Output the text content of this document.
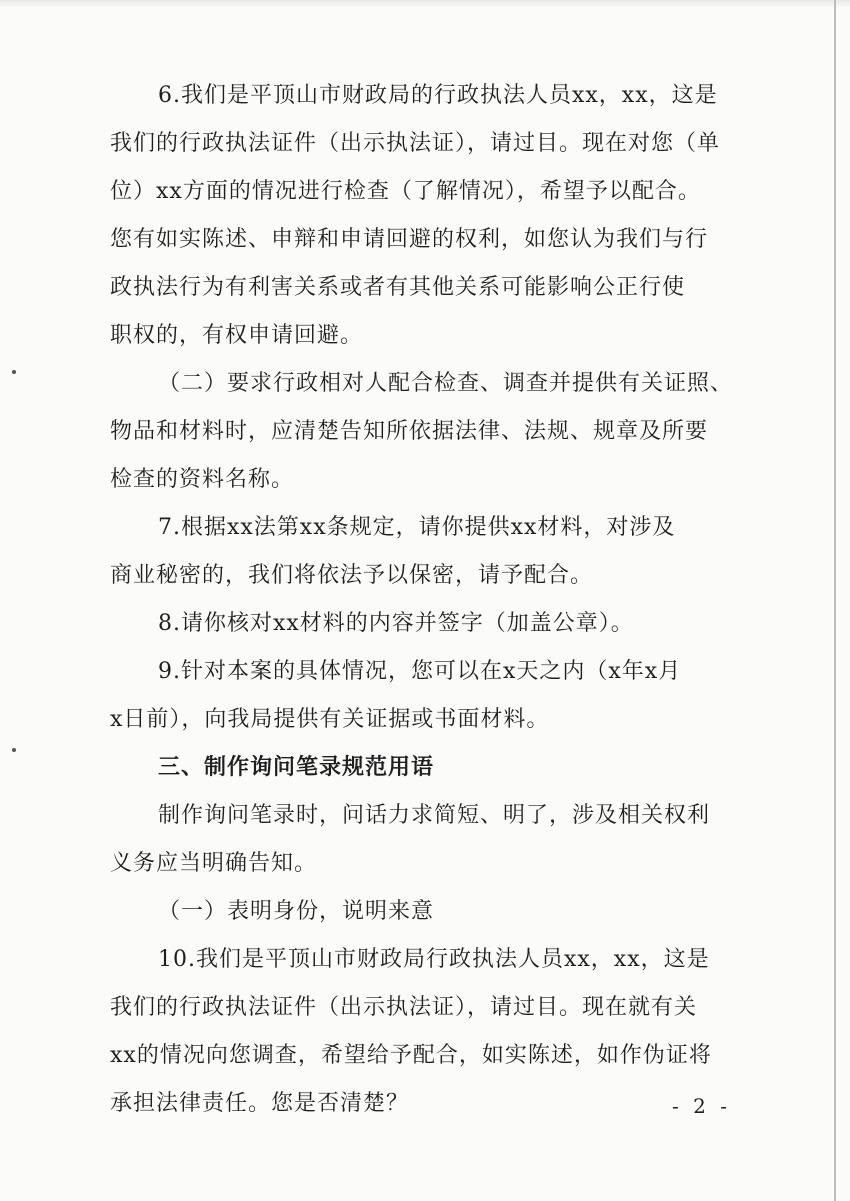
6.我们是平顶山市财政局的行政执法人员xx，xx，这是
我们的行政执法证件（出示执法证），请过目。现在对您（单
位）xx方面的情况进行检查（了解情况），希望予以配合。
您有如实陈述、申辩和申请回避的权利，如您认为我们与行
政执法行为有利害关系或者有其他关系可能影响公正行使
职权的，有权申请回避。
（二）要求行政相对人配合检查、调查并提供有关证照、
物品和材料时，应清楚告知所依据法律、法规、规章及所要
检查的资料名称。
7.根据xx法第xx条规定，请你提供xx材料，对涉及
商业秘密的，我们将依法予以保密，请予配合。
8.请你核对xx材料的内容并签字（加盖公章）。
9.针对本案的具体情况，您可以在x天之内（x年x月
x日前），向我局提供有关证据或书面材料。
三、制作询问笔录规范用语
制作询问笔录时，问话力求简短、明了，涉及相关权利
义务应当明确告知。
（一）表明身份，说明来意
10.我们是平顶山市财政局行政执法人员xx，xx，这是
我们的行政执法证件（出示执法证），请过目。现在就有关
xx的情况向您调查，希望给予配合，如实陈述，如作伪证将
承担法律责任。您是否清楚？	- 2 -
